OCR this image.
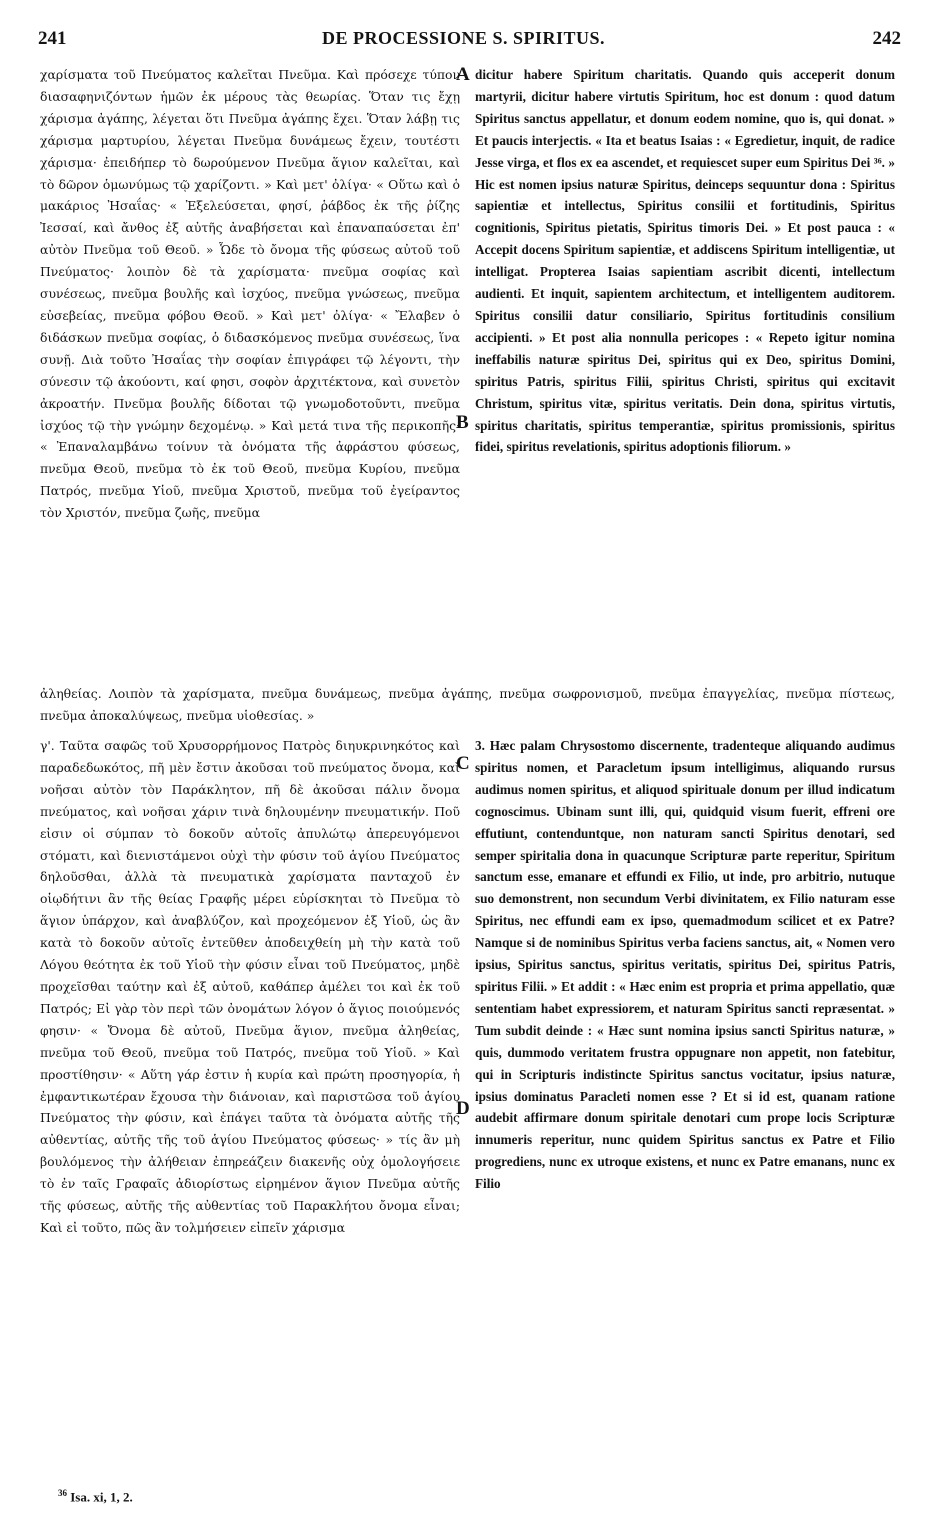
241	DE PROCESSIONE S. SPIRITUS.	242

χαρίσματα τοῦ Πνεύματος καλεῖται Πνεῦμα. Καὶ πρόσεχε τύπον διασαφηνιζόντων ἡμῶν ἐκ μέρους τὰς θεωρίας. Ὅταν τις ἔχῃ χάρισμα ἀγάπης, λέγεται ὅτι Πνεῦμα ἀγάπης ἔχει. Ὅταν λάβῃ τις χάρισμα μαρτυρίου, λέγεται Πνεῦμα δυνάμεως ἔχειν, τουτέστι χάρισμα· ἐπειδήπερ τὸ δωρούμενον Πνεῦμα ἅγιον καλεῖται, καὶ τὸ δῶρον ὁμωνύμως τῷ χαρίζοντι. » Καὶ μετ' ὀλίγα· « Οὕτω καὶ ὁ μακάριος Ἠσαΐας· « Ἐξελεύσεται, φησί, ῥάβδος ἐκ τῆς ῥίζης Ἰεσσαί, καὶ ἄνθος ἐξ αὐτῆς ἀναβήσεται καὶ ἐπαναπαύσεται ἐπ' αὐτὸν Πνεῦμα τοῦ Θεοῦ. » Ὧδε τὸ ὄνομα τῆς φύσεως αὐτοῦ τοῦ Πνεύματος· λοιπὸν δὲ τὰ χαρίσματα· πνεῦμα σοφίας καὶ συνέσεως, πνεῦμα βουλῆς καὶ ἰσχύος, πνεῦμα γνώσεως, πνεῦμα εὐσεβείας, πνεῦμα φόβου Θεοῦ. » Καὶ μετ' ὀλίγα· « Ἔλαβεν ὁ διδάσκων πνεῦμα σοφίας, ὁ διδασκόμενος πνεῦμα συνέσεως, ἵνα συνῇ. Διὰ τοῦτο Ἠσαΐας τὴν σοφίαν ἐπιγράφει τῷ λέγοντι, τὴν σύνεσιν τῷ ἀκούοντι, καί φησι, σοφὸν ἀρχιτέκτονα, καὶ συνετὸν ἀκροατήν. Πνεῦμα βουλῆς δίδοται τῷ γνωμοδοτοῦντι, πνεῦμα ἰσχύος τῷ τὴν γνώμην δεχομένῳ. » Καὶ μετά τινα τῆς περικοπῆς· « Ἐπαναλαμβάνω τοίνυν τὰ ὀνόματα τῆς ἀφράστου φύσεως, πνεῦμα Θεοῦ, πνεῦμα τὸ ἐκ τοῦ Θεοῦ, πνεῦμα Κυρίου, πνεῦμα Πατρός, πνεῦμα Υἱοῦ, πνεῦμα Χριστοῦ, πνεῦμα τοῦ ἐγείραντος τὸν Χριστόν, πνεῦμα ζωῆς, πνεῦμα

dicitur habere Spiritum charitatis. Quando quis acceperit donum martyrii, dicitur habere virtutis Spiritum, hoc est donum : quod datum Spiritus sanctus appellatur, et donum eodem nomine, quo is, qui donat. » Et paucis interjectis. « Ita et beatus Isaias : « Egredietur, inquit, de radice Jesse virga, et flos ex ea ascendet, et requiescet super eum Spiritus Dei ³⁶. » Hic est nomen ipsius naturæ Spiritus, deinceps sequuntur dona : Spiritus sapientiæ et intellectus, Spiritus consilii et fortitudinis, Spiritus cognitionis, Spiritus pietatis, Spiritus timoris Dei. » Et post pauca : « Accepit docens Spiritum sapientiæ, et addiscens Spiritum intelligentiæ, ut intelligat. Propterea Isaias sapientiam ascribit dicenti, intellectum audienti. Et inquit, sapientem architectum, et intelligentem auditorem. Spiritus consilii datur consiliario, Spiritus fortitudinis consilium accipienti. » Et post alia nonnulla pericopes : « Repeto igitur nomina ineffabilis naturæ spiritus Dei, spiritus qui ex Deo, spiritus Domini, spiritus Patris, spiritus Filii, spiritus Christi, spiritus qui excitavit Christum, spiritus vitæ, spiritus veritatis. Dein dona, spiritus virtutis, spiritus charitatis, spiritus temperantiæ, spiritus promissionis, spiritus fidei, spiritus revelationis, spiritus adoptionis filiorum. »

ἀληθείας. Λοιπὸν τὰ χαρίσματα, πνεῦμα δυνάμεως, πνεῦμα ἀγάπης, πνεῦμα σωφρονισμοῦ, πνεῦμα ἐπαγγελίας, πνεῦμα πίστεως, πνεῦμα ἀποκαλύψεως, πνεῦμα υἱοθεσίας. »

γ'. Ταῦτα σαφῶς τοῦ Χρυσορρήμονος Πατρὸς διηυκρινηκότος καὶ παραδεδωκότος, πῆ μὲν ἔστιν ἀκοῦσαι τοῦ πνεύματος ὄνομα, καὶ νοῆσαι αὐτὸν τὸν Παράκλητον, πῆ δὲ ἀκοῦσαι πάλιν ὄνομα πνεύματος, καὶ νοῆσαι χάριν τινὰ δηλουμένην πνευματικήν. Ποῦ εἰσιν οἱ σύμπαν τὸ δοκοῦν αὐτοῖς ἀπυλώτῳ ἀπερευγόμενοι στόματι, καὶ διενιστάμενοι οὐχὶ τὴν φύσιν τοῦ ἁγίου Πνεύματος δηλοῦσθαι, ἀλλὰ τὰ πνευματικὰ χαρίσματα πανταχοῦ ἐν οἱῳδήτινι ἂν τῆς θείας Γραφῆς μέρει εὑρίσκηται τὸ Πνεῦμα τὸ ἅγιον ὑπάρχον, καὶ ἀναβλύζον, καὶ προχεόμενον ἐξ Υἱοῦ, ὡς ἂν κατὰ τὸ δοκοῦν αὐτοῖς ἐντεῦθεν ἀποδειχθείη μὴ τὴν κατὰ τοῦ Λόγου θεότητα ἐκ τοῦ Υἱοῦ τὴν φύσιν εἶναι τοῦ Πνεύματος, μηδὲ προχεῖσθαι ταύτην καὶ ἐξ αὐτοῦ, καθάπερ ἀμέλει τοι καὶ ἐκ τοῦ Πατρός; Εἰ γὰρ τὸν περὶ τῶν ὀνομάτων λόγον ὁ ἅγιος ποιούμενός φησιν· « Ὄνομα δὲ αὐτοῦ, Πνεῦμα ἅγιον, πνεῦμα ἀληθείας, πνεῦμα τοῦ Θεοῦ, πνεῦμα τοῦ Πατρός, πνεῦμα τοῦ Υἱοῦ. » Καὶ προστίθησιν· « Αὕτη γάρ ἐστιν ἡ κυρία καὶ πρώτη προσηγορία, ἡ ἐμφαντικωτέραν ἔχουσα τὴν διάνοιαν, καὶ παριστῶσα τοῦ ἁγίου Πνεύματος τὴν φύσιν, καὶ ἐπάγει ταῦτα τὰ ὀνόματα αὐτῆς τῆς αὐθεντίας, αὐτῆς τῆς τοῦ ἁγίου Πνεύματος φύσεως· » τίς ἂν μὴ βουλόμενος τὴν ἀλήθειαν ἐπηρεάζειν διακενῆς οὐχ ὁμολογήσειε τὸ ἐν ταῖς Γραφαῖς ἀδιορίστως εἰρημένον ἅγιον Πνεῦμα αὐτῆς τῆς φύσεως, αὐτῆς τῆς αὐθεντίας τοῦ Παρακλήτου ὄνομα εἶναι; Καὶ εἰ τοῦτο, πῶς ἂν τολμήσειεν εἰπεῖν χάρισμα

3. Hæc palam Chrysostomo discernente, tradenteque aliquando audimus spiritus nomen, et Paracletum ipsum intelligimus, aliquando rursus audimus nomen spiritus, et aliquod spirituale donum per illud indicatum cognoscimus. Ubinam sunt illi, qui, quidquid visum fuerit, effreni ore effutiunt, contenduntque, non naturam sancti Spiritus denotari, sed semper spiritalia dona in quacunque Scripturæ parte reperitur, Spiritum sanctum esse, emanare et effundi ex Filio, ut inde, pro arbitrio, nutuque suo demonstrent, non secundum Verbi divinitatem, ex Filio naturam esse Spiritus, nec effundi eam ex ipso, quemadmodum scilicet et ex Patre? Namque si de nominibus Spiritus verba faciens sanctus, ait, « Nomen vero ipsius, Spiritus sanctus, spiritus veritatis, spiritus Dei, spiritus Patris, spiritus Filii. » Et addit : « Hæc enim est propria et prima appellatio, quæ sententiam habet expressiorem, et naturam Spiritus sancti repræsentat. » Tum subdit deinde : « Hæc sunt nomina ipsius sancti Spiritus naturæ, » quis, dummodo veritatem frustra oppugnare non appetit, non fatebitur, qui in Scripturis indistincte Spiritus sanctus vocitatur, ipsius naturæ, ipsius dominatus Paracleti nomen esse ? Et si id est, quanam ratione audebit affirmare donum spiritale denotari cum prope locis Scripturæ innumeris reperitur, nunc quidem Spiritus sanctus ex Patre et Filio progrediens, nunc ex utroque existens, et nunc ex Patre emanans, nunc ex Filio

A
B
C
D
$^{36}$ Isa. xi, 1, 2.
